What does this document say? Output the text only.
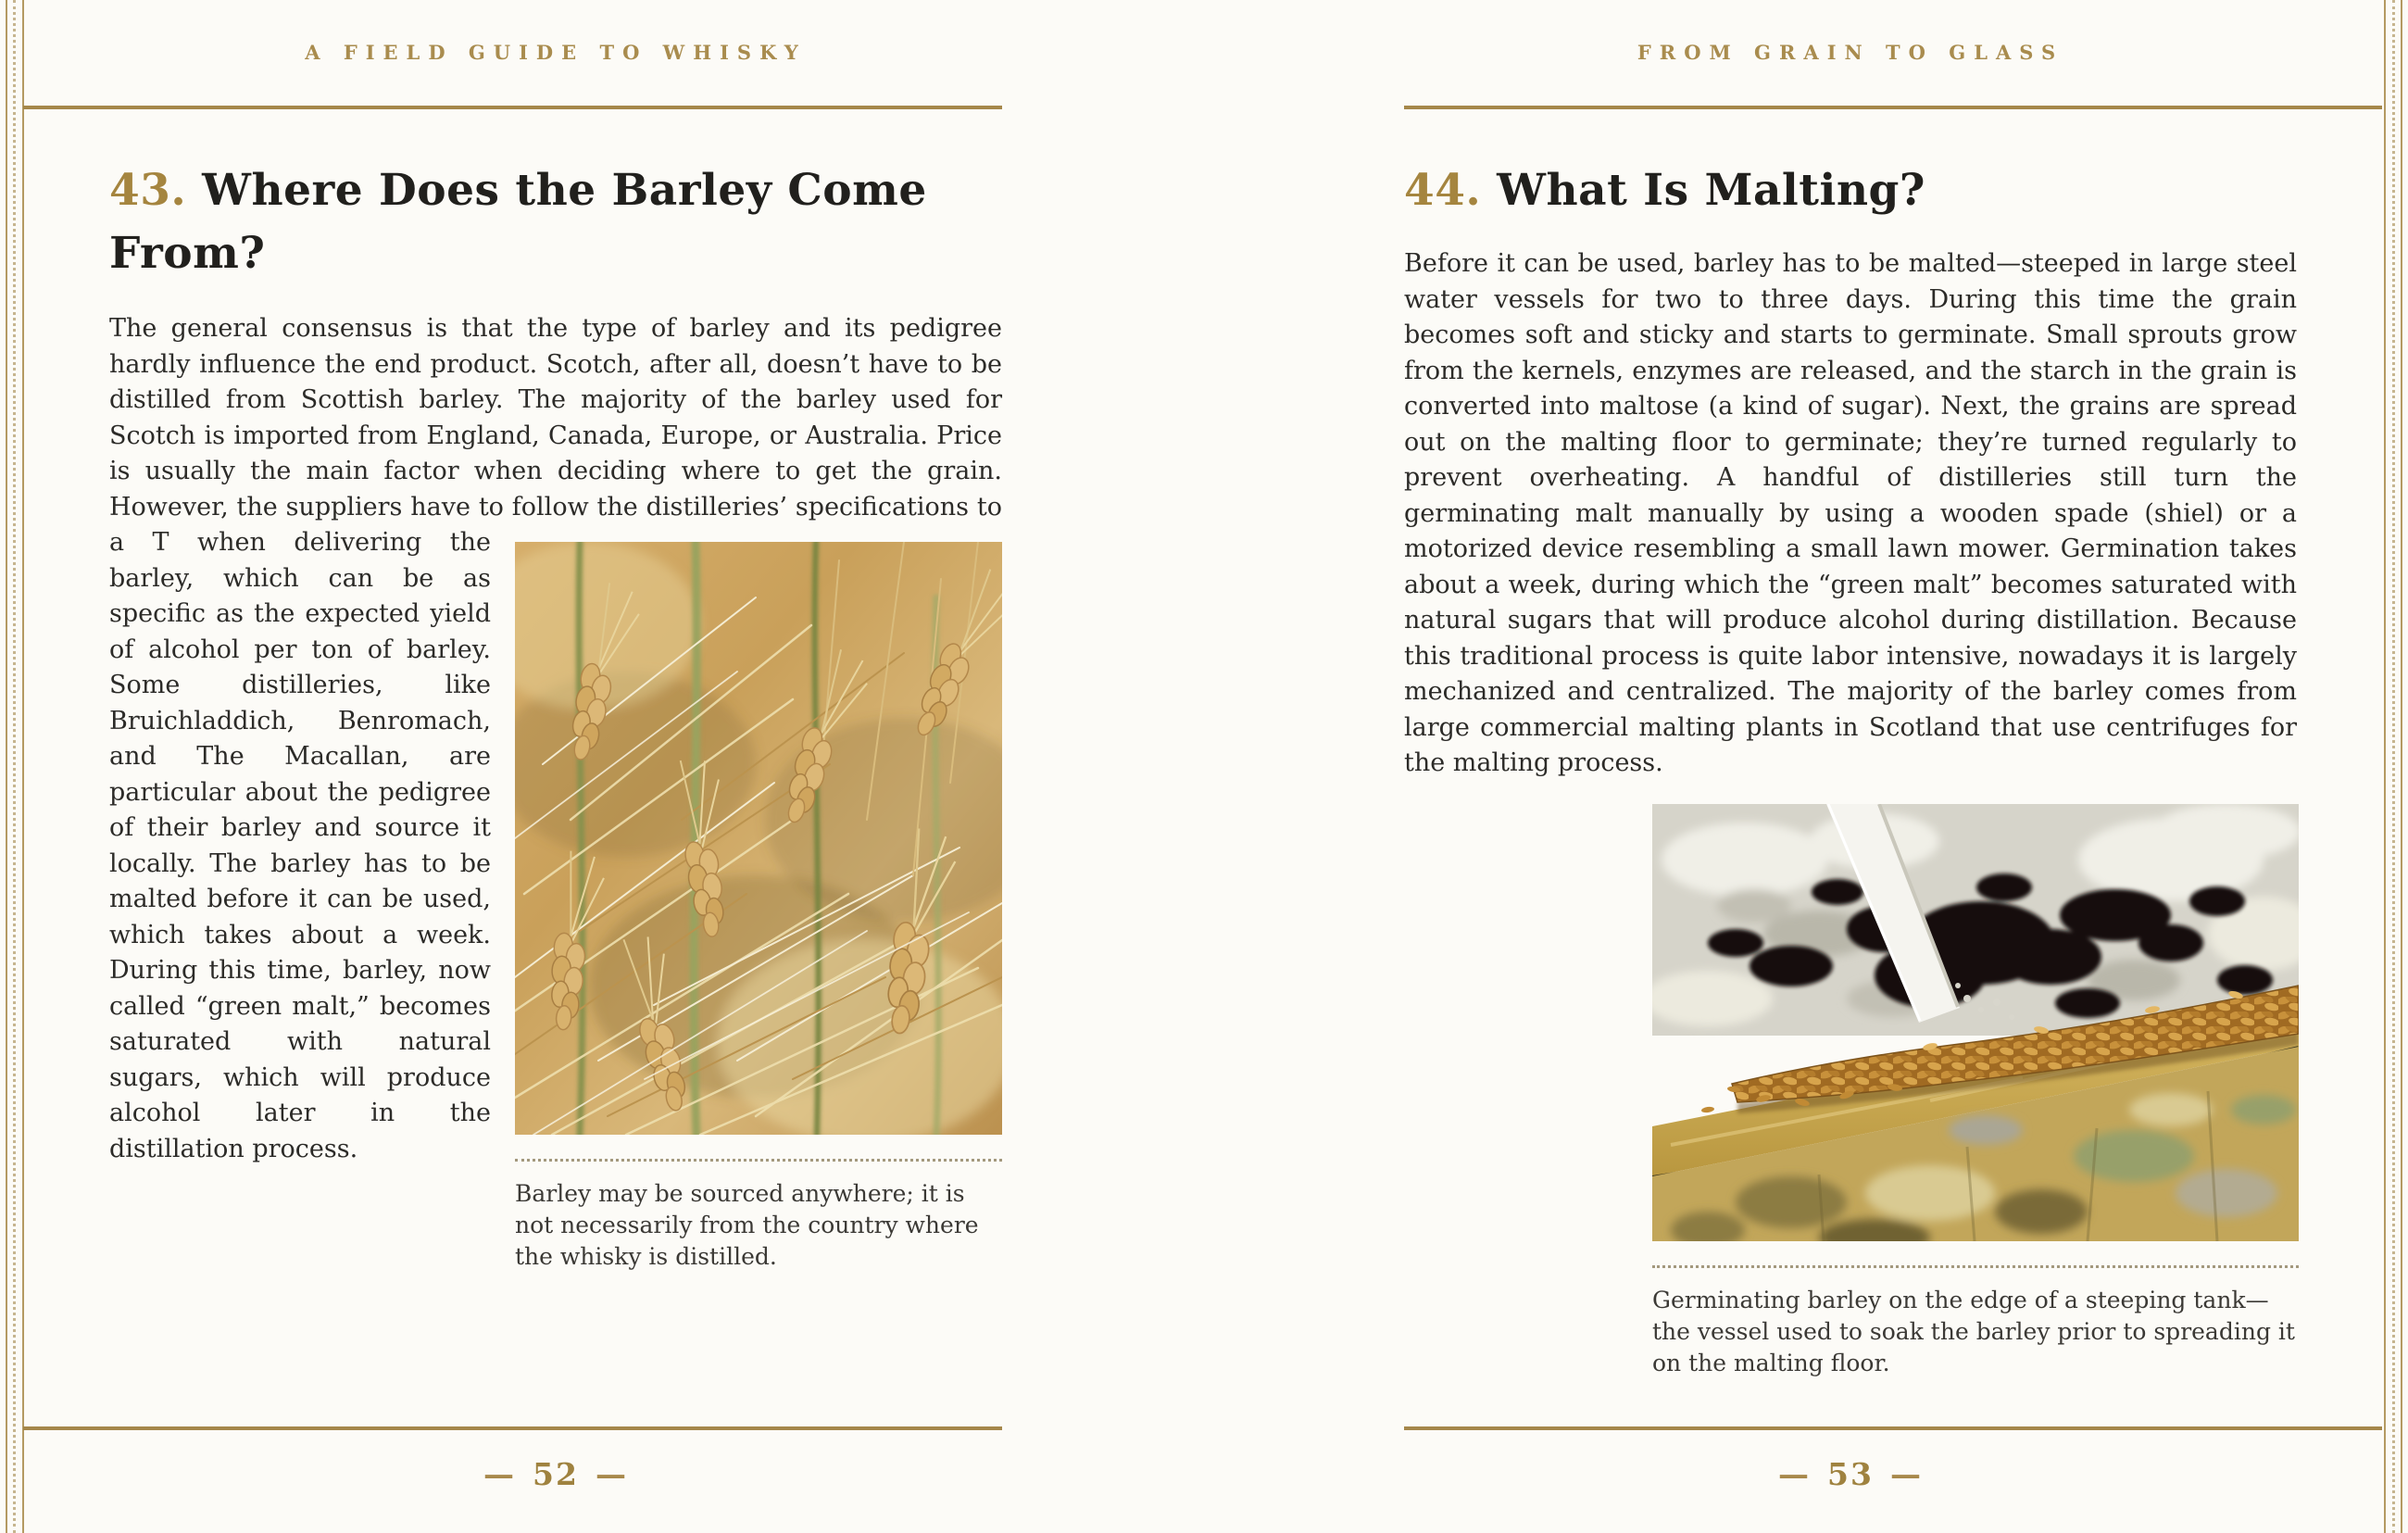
A FIELD GUIDE TO WHISKY
43. Where Does the Barley Come From?
The general consensus is that the type of barley and its pedigree hardly influence the end product. Scotch, after all, doesn’t have to be distilled from Scottish barley. The majority of the barley used for Scotch is imported from England, Canada, Europe, or Australia. Price is usually the main factor when deciding where to get the grain. However, the suppliers have to follow the distilleries’ specifications to a T when delivering
Barley may be sourced anywhere; it is not necessarily from the country where the whisky is distilled.
the barley, which can be as specific as the expected yield of alcohol per ton of barley. Some distilleries, like Bruichladdich, Benromach, and The Macallan, are particular about the pedigree of their barley and source it locally. The barley has to be malted before it can be used, which takes about a week. During this time, barley, now called “green malt,” becomes saturated with natural sugars, which will produce alcohol later in the distillation process.
— 52 —
FROM GRAIN TO GLASS
44. What Is Malting?
Before it can be used, barley has to be malted—steeped in large steel water vessels for two to three days. During this time the grain becomes soft and sticky and starts to germinate. Small sprouts grow from the kernels, enzymes are released, and the starch in the grain is converted into maltose (a kind of sugar). Next, the grains are spread out on the malting floor to germinate; they’re turned regularly to prevent overheating. A handful of distilleries still turn the germinating malt manually by using a wooden spade (shiel) or a motorized device resembling a small lawn mower. Germination takes about a week, during which the “green malt” becomes saturated with natural sugars that will produce alcohol during distillation. Because this traditional process is quite labor intensive, nowadays it is largely mechanized and centralized. The majority of the barley comes from large commercial malting plants in Scotland that use centrifuges for the malting process.
Germinating barley on the edge of a steeping tank—the vessel used to soak the barley prior to spreading it on the malting floor.
— 53 —
